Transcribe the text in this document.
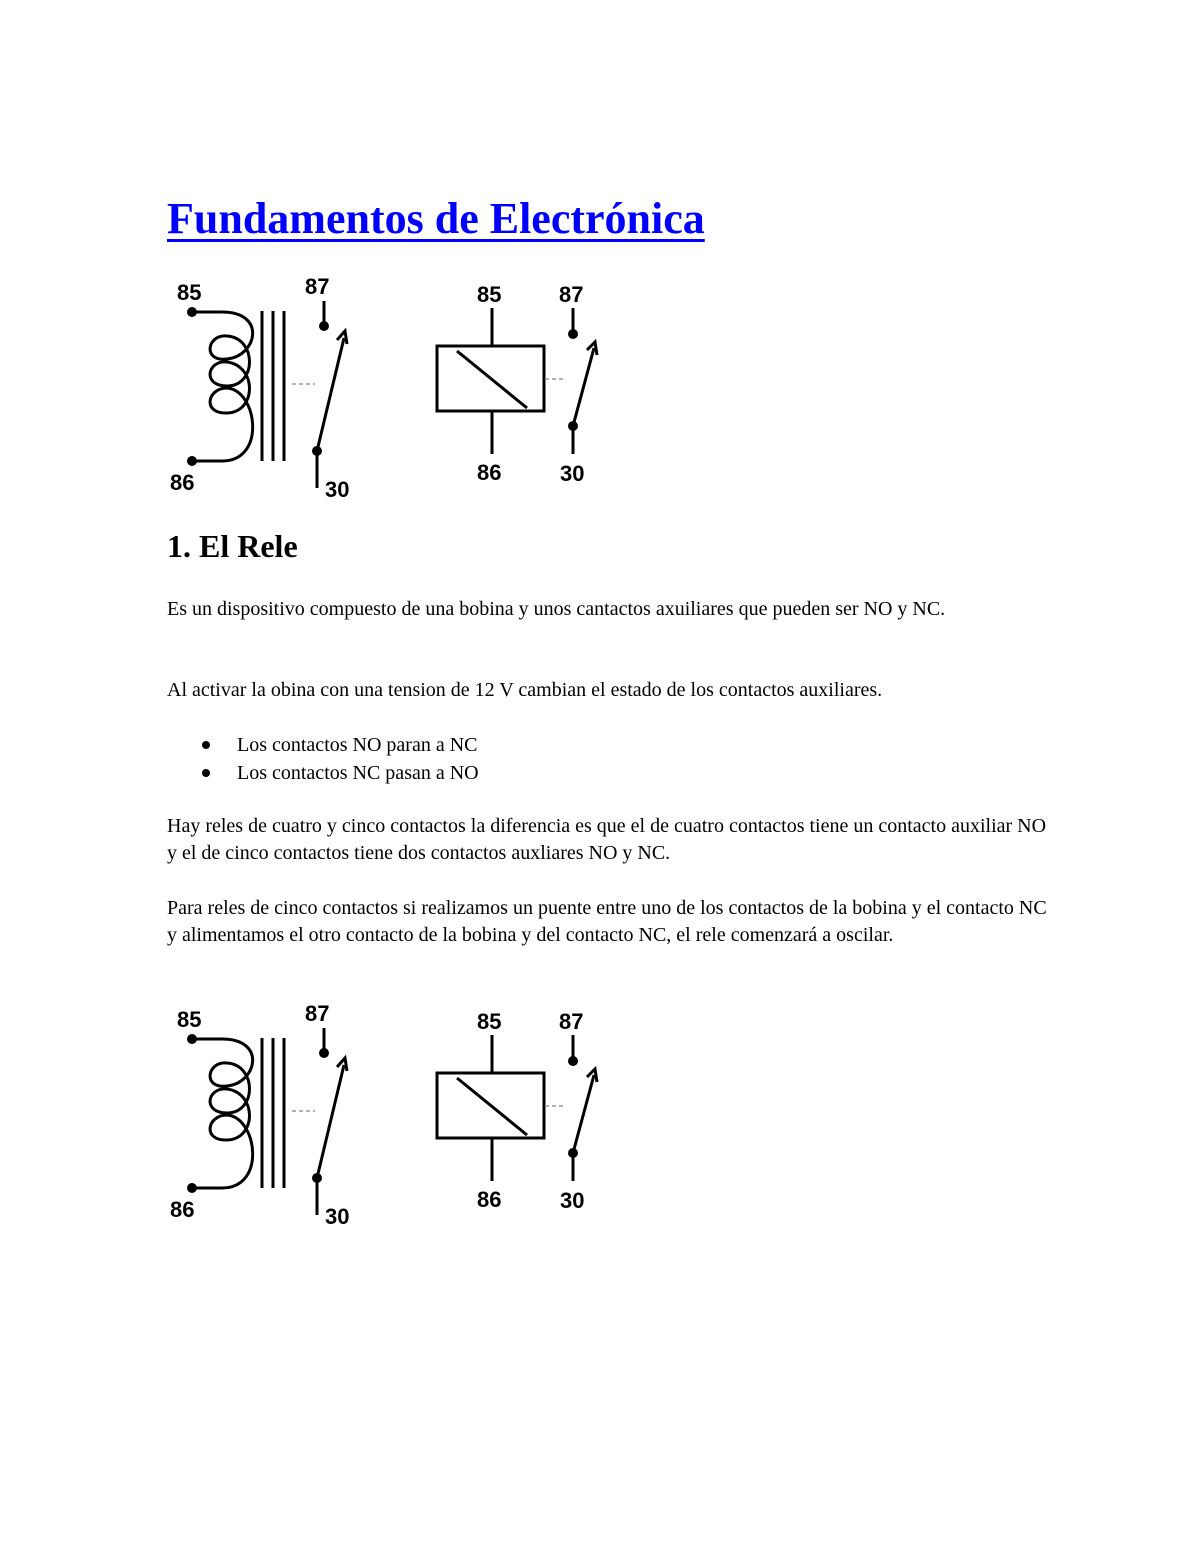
Fundamentos de Electrónica
85
86
87
30
85
86
87
30
1. El Rele

Es un dispositivo compuesto de una bobina y unos cantactos axuiliares que pueden ser NO y NC.

Al activar la obina con una tension de 12 V cambian el estado de los contactos auxiliares.

Los contactos NO paran a NC
Los contactos NC pasan a NO

Hay reles de cuatro y cinco contactos la diferencia es que el de cuatro contactos tiene un contacto auxiliar NO y el de cinco contactos tiene dos contactos auxliares NO y NC.

Para reles de cinco contactos si realizamos un puente entre uno de los contactos de la bobina y el contacto NC y alimentamos el otro contacto de la bobina y del contacto NC, el rele comenzará a oscilar.

85
86
87
30
85
86
87
30
